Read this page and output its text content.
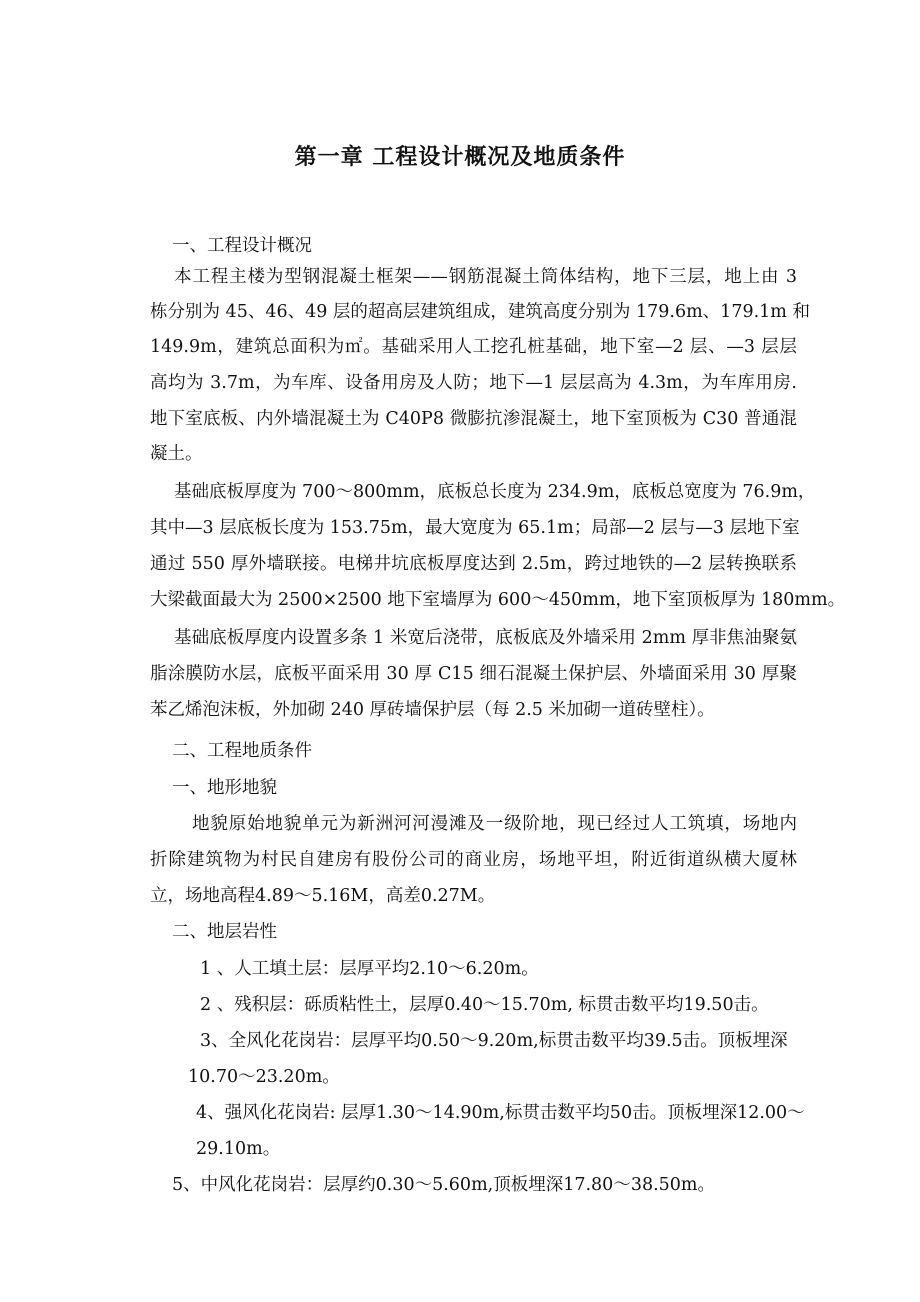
第一章 工程设计概况及地质条件
一、工程设计概况
本工程主楼为型钢混凝土框架——钢筋混凝土筒体结构，地下三层，地上由 3
栋分别为 45、46、49 层的超高层建筑组成，建筑高度分别为 179.6m、179.1m 和
149.9m，建筑总面积为㎡。基础采用人工挖孔桩基础，地下室—2 层、—3 层层
高均为 3.7m，为车库、设备用房及人防；地下—1 层层高为 4.3m，为车库用房.
地下室底板、内外墙混凝土为 C40P8 微膨抗渗混凝土，地下室顶板为 C30 普通混
凝土。
基础底板厚度为 700～800mm，底板总长度为 234.9m，底板总宽度为 76.9m，
其中—3 层底板长度为 153.75m，最大宽度为 65.1m；局部—2 层与—3 层地下室
通过 550 厚外墙联接。电梯井坑底板厚度达到 2.5m，跨过地铁的—2 层转换联系
大梁截面最大为 2500×2500 地下室墙厚为 600～450mm，地下室顶板厚为 180mm。
基础底板厚度内设置多条 1 米宽后浇带，底板底及外墙采用 2mm 厚非焦油聚氨
脂涂膜防水层，底板平面采用 30 厚 C15 细石混凝土保护层、外墙面采用 30 厚聚
苯乙烯泡沫板，外加砌 240 厚砖墙保护层（每 2.5 米加砌一道砖壁柱）。
二、工程地质条件
一、地形地貌
地貌原始地貌单元为新洲河河漫滩及一级阶地，现已经过人工筑填，场地内
折除建筑物为村民自建房有股份公司的商业房，场地平坦，附近街道纵横大厦林
立，场地高程4.89～5.16M，高差0.27M。
二、地层岩性
1 、人工填土层：层厚平均2.10～6.20m。
2 、残积层：砾质粘性土，层厚0.40～15.70m, 标贯击数平均19.50击。
3、全风化花岗岩：层厚平均0.50～9.20m,标贯击数平均39.5击。顶板埋深
10.70～23.20m。
4、强风化花岗岩: 层厚1.30～14.90m,标贯击数平均50击。顶板埋深12.00～
29.10m。
5、中风化花岗岩：层厚约0.30～5.60m,顶板埋深17.80～38.50m。
